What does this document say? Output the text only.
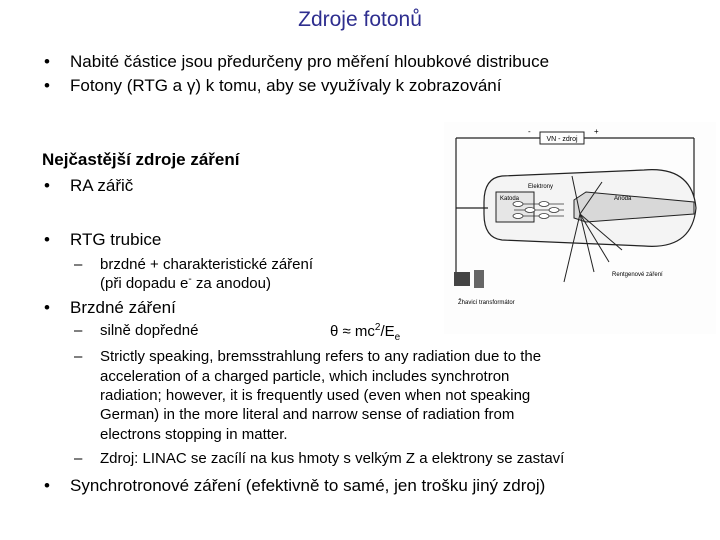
Zdroje fotonů
• Nabité částice jsou předurčeny pro měření hloubkové distribuce
• Fotony (RTG a γ) k tomu, aby se využívaly k zobrazování
Nejčastější zdroje záření
• RA zářič
• RTG trubice
– brzdné + charakteristické záření
(při dopadu e- za anodou)
• Brzdné záření
– silně dopředné	$\theta \approx mc^2/E_e$
– Strictly speaking, bremsstrahlung refers to any radiation due to the
acceleration of a charged particle, which includes synchrotron
radiation; however, it is frequently used (even when not speaking
German) in the more literal and narrow sense of radiation from
electrons stopping in matter.
– Zdroj: LINAC se zacílí na kus hmoty s velkým Z a elektrony se zastaví
• Synchrotronové záření (efektivně to samé, jen trošku jiný zdroj)
VN - zdroj
-	+
Katoda
Elektrony
Anoda
Rentgenové záření
Žhavicí transformátor
